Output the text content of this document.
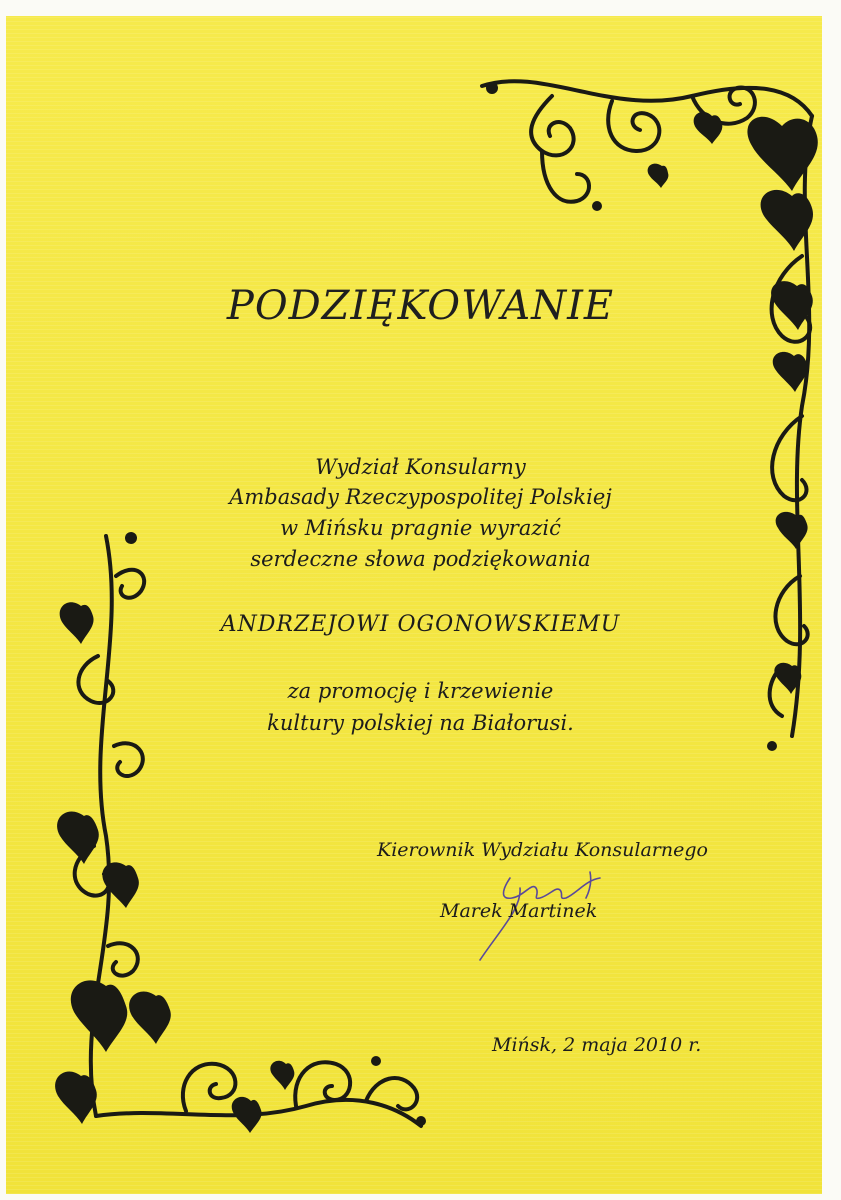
PODZIĘKOWANIE

Wydział Konsularny

Ambasady Rzeczypospolitej Polskiej

w Mińsku pragnie wyrazić

serdeczne słowa podziękowania

ANDRZEJOWI OGONOWSKIEMU

za promocję i krzewienie

kultury polskiej na Białorusi.

Kierownik Wydziału Konsularnego

Marek Martinek

Mińsk, 2 maja 2010 r.
